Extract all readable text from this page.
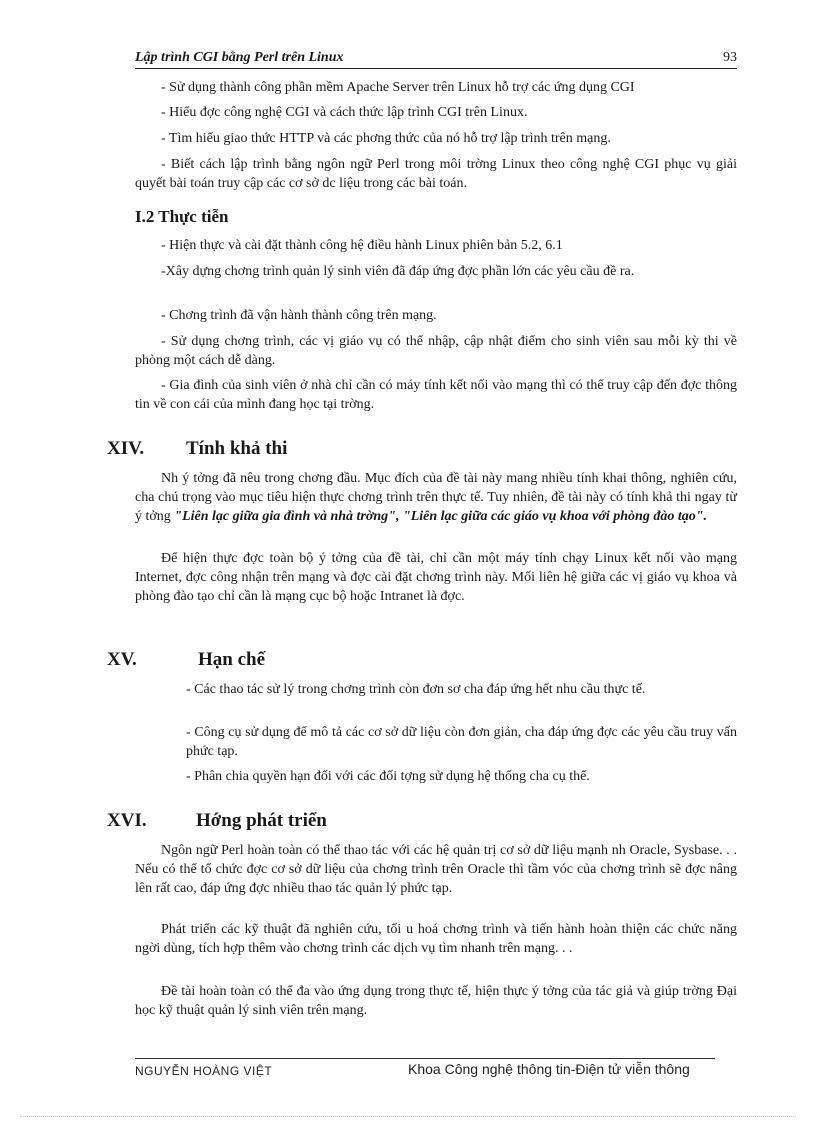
Lập trình CGI bằng Perl trên Linux	93

- Sử dụng thành công phần mềm Apache Server trên Linux hỗ trợ các ứng dụng CGI

- Hiểu đợc công nghệ CGI và cách thức lập trình CGI trên Linux.

- Tìm hiểu giao thức HTTP và các phơng thức của nó hỗ trợ lập trình trên mạng.

- Biết cách lập trình bằng ngôn ngữ Perl trong môi trờng Linux theo công nghệ CGI phục vụ giải quyết bài toán truy cập các cơ sở dc liệu trong các bài toán.

I.2 Thực tiễn

- Hiện thực và cài đặt thành công hệ điều hành Linux phiên bản 5.2, 6.1

-Xây dựng chơng trình quản lý sinh viên đã đáp ứng đợc phần lớn các yêu cầu đề ra.

- Chơng trình đã vận hành thành công trên mạng.

- Sử dụng chơng trình, các vị giáo vụ có thể nhập, cập nhật điểm cho sinh viên sau mỗi kỳ thi về phòng một cách dễ dàng.

- Gia đình của sinh viên ở nhà chỉ cần có máy tính kết nối vào mạng thì có thể truy cập đến đợc thông tin về con cái của mình đang học tại trờng.

XIV. Tính khả thi

Nh ý tởng đã nêu trong chơng đầu. Mục đích của đề tài này mang nhiều tính khai thông, nghiên cứu, cha chú trọng vào mục tiêu hiện thực chơng trình trên thực tế. Tuy nhiên, đề tài này có tính khả thi ngay từ ý tởng "Liên lạc giữa gia đình và nhà trờng", "Liên lạc giữa các giáo vụ khoa với phòng đào tạo".

Để hiện thực đợc toàn bộ ý tởng của đề tài, chỉ cần một máy tính chạy Linux kết nối vào mạng Internet, đợc công nhận trên mạng và đợc cài đặt chơng trình này. Mối liên hệ giữa các vị giáo vụ khoa và phòng đào tạo chỉ cần là mạng cục bộ hoặc Intranet là đợc.

XV.	Hạn chế

- Các thao tác sử lý trong chơng trình còn đơn sơ cha đáp ứng hết nhu cầu thực tế.

- Công cụ sử dụng để mô tả các cơ sở dữ liệu còn đơn giản, cha đáp ứng đợc các yêu cầu truy vấn phức tạp.

- Phân chia quyền hạn đối với các đối tợng sử dụng hệ thống cha cụ thể.

XVI.	Hớng phát triển

Ngôn ngữ Perl hoàn toàn có thể thao tác với các hệ quản trị cơ sở dữ liệu mạnh nh Oracle, Sysbase. . . Nếu có thể tổ chức đợc cơ sở dữ liệu của chơng trình trên Oracle thì tầm vóc của chơng trình sẽ đợc nâng lên rất cao, đáp ứng đợc nhiều thao tác quản lý phức tạp.

Phát triển các kỹ thuật đã nghiên cứu, tối u hoá chơng trình và tiến hành hoàn thiện các chức năng ngời dùng, tích hợp thêm vào chơng trình các dịch vụ tìm nhanh trên mạng. . .

Đề tài hoàn toàn có thể đa vào ứng dụng trong thực tế, hiện thực ý tởng của tác giả và giúp trờng Đại học kỹ thuật quản lý sinh viên trên mạng.

NGUYỄN HOÀNG VIỆT	Khoa Công nghệ thông tin-Điện tử viễn thông
